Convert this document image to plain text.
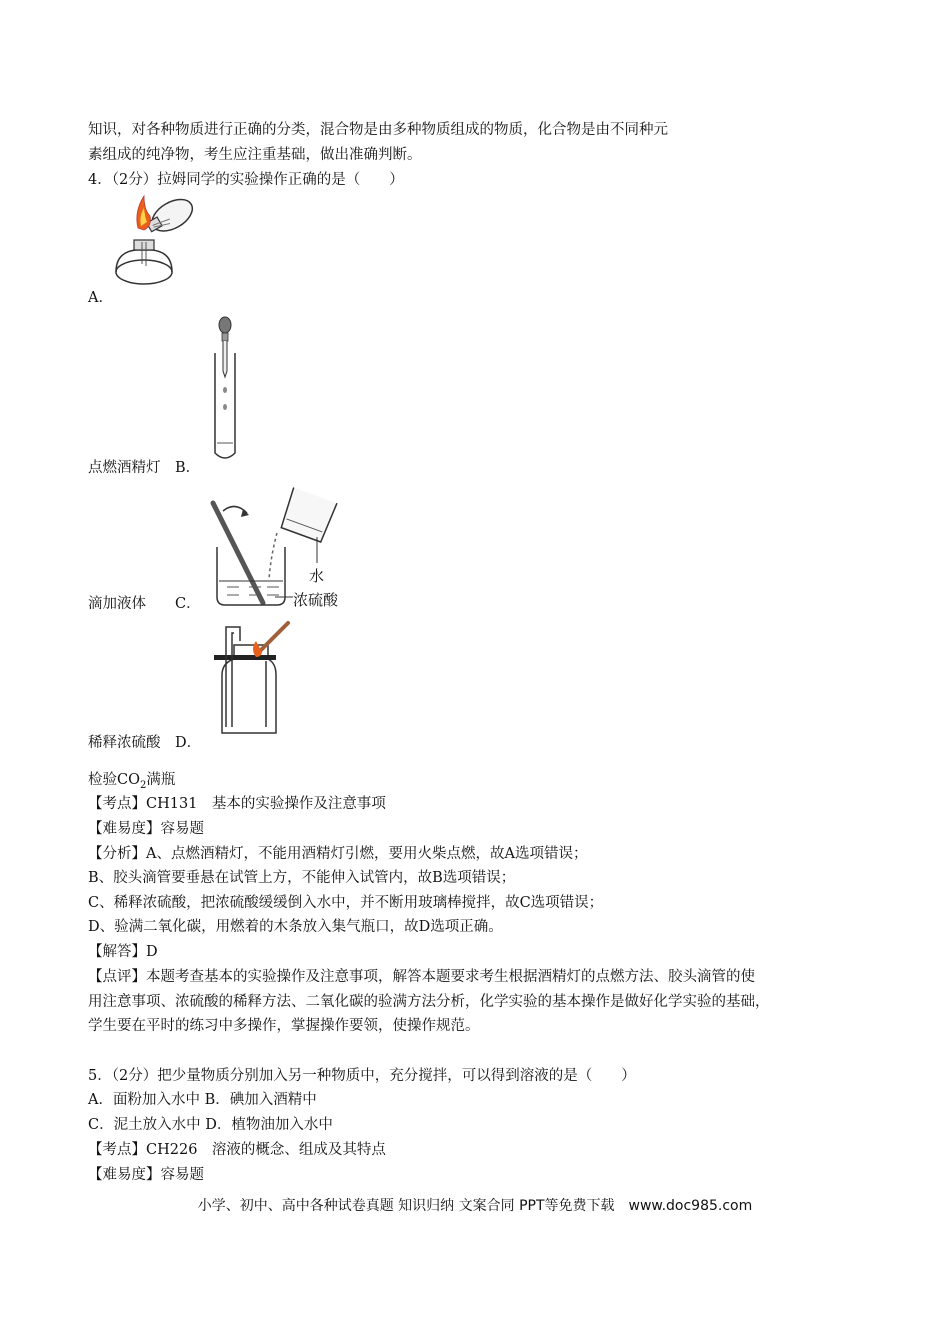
知识，对各种物质进行正确的分类，混合物是由多种物质组成的物质，化合物是由不同种元
素组成的纯净物，考生应注重基础，做出准确判断。
4．（2分）拉姆同学的实验操作正确的是（　　）
A．
点燃酒精灯　B．
水
浓硫酸
滴加液体　　C．
稀释浓硫酸　D．
检验$CO_2$满瓶
【考点】CH131　基本的实验操作及注意事项
【难易度】容易题
【分析】A、点燃酒精灯，不能用酒精灯引燃，要用火柴点燃，故A选项错误；
B、胶头滴管要垂悬在试管上方，不能伸入试管内，故B选项错误；
C、稀释浓硫酸，把浓硫酸缓缓倒入水中，并不断用玻璃棒搅拌，故C选项错误；
D、验满二氧化碳，用燃着的木条放入集气瓶口，故D选项正确。
【解答】D
【点评】本题考查基本的实验操作及注意事项，解答本题要求考生根据酒精灯的点燃方法、胶头滴管的使
用注意事项、浓硫酸的稀释方法、二氧化碳的验满方法分析，化学实验的基本操作是做好化学实验的基础，
学生要在平时的练习中多操作，掌握操作要领，使操作规范。
5．（2分）把少量物质分别加入另一种物质中，充分搅拌，可以得到溶液的是（　　）
A．面粉加入水中 B．碘加入酒精中
C．泥土放入水中 D．植物油加入水中
【考点】CH226　溶液的概念、组成及其特点
【难易度】容易题
小学、初中、高中各种试卷真题 知识归纳 文案合同 PPT等免费下载　www.doc985.com
